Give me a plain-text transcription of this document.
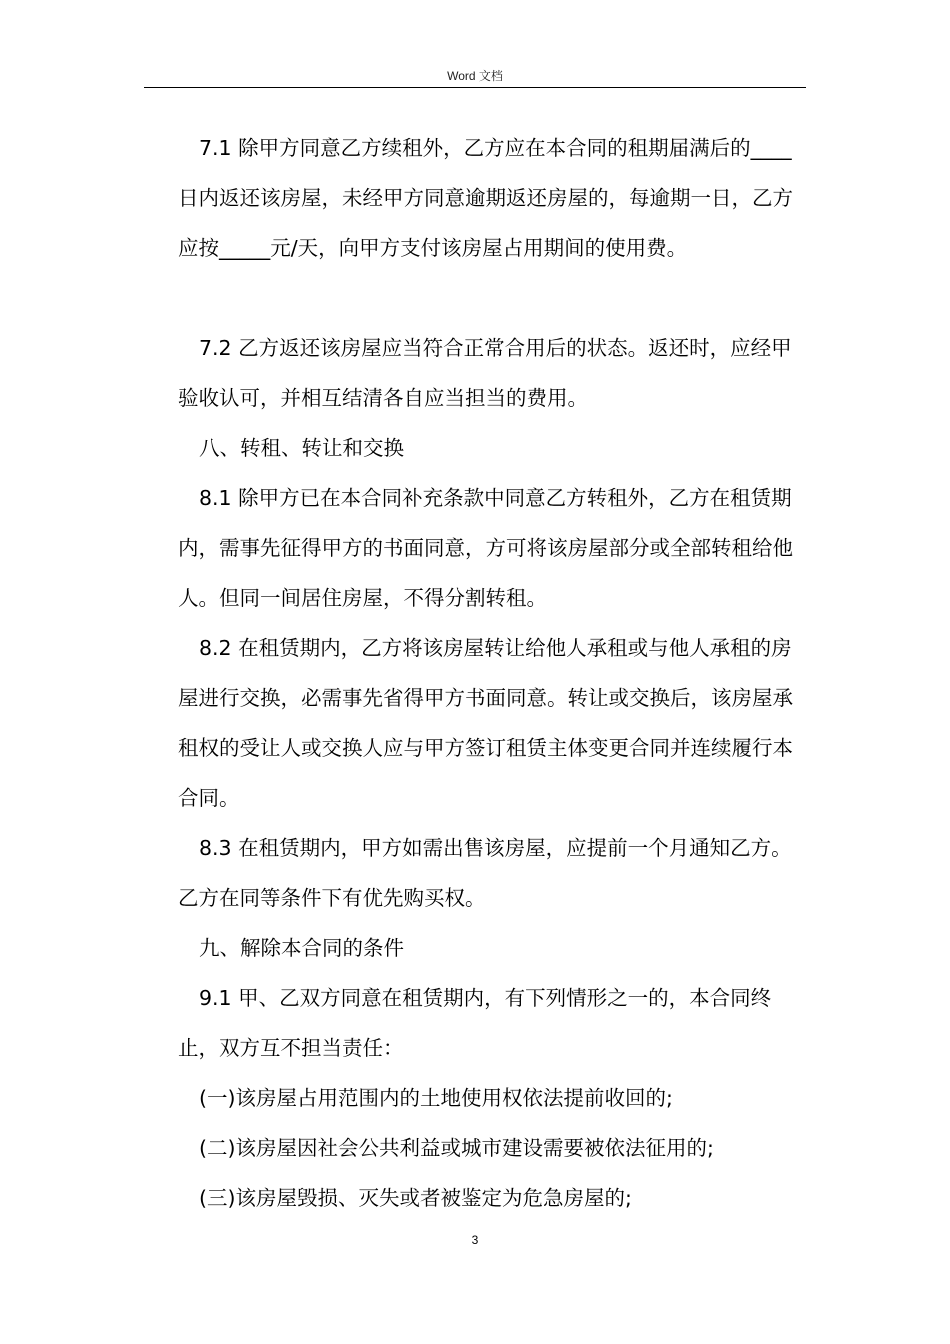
Word 文档

7.1 除甲方同意乙方续租外，乙方应在本合同的租期届满后的____日内返还该房屋，未经甲方同意逾期返还房屋的，每逾期一日，乙方应按_____元/天，向甲方支付该房屋占用期间的使用费。

7.2 乙方返还该房屋应当符合正常合用后的状态。返还时，应经甲验收认可，并相互结清各自应当担当的费用。

八、转租、转让和交换

8.1 除甲方已在本合同补充条款中同意乙方转租外，乙方在租赁期内，需事先征得甲方的书面同意，方可将该房屋部分或全部转租给他人。但同一间居住房屋，不得分割转租。

8.2 在租赁期内，乙方将该房屋转让给他人承租或与他人承租的房屋进行交换，必需事先省得甲方书面同意。转让或交换后，该房屋承租权的受让人或交换人应与甲方签订租赁主体变更合同并连续履行本合同。

8.3 在租赁期内，甲方如需出售该房屋，应提前一个月通知乙方。乙方在同等条件下有优先购买权。

九、解除本合同的条件

9.1 甲、乙双方同意在租赁期内，有下列情形之一的，本合同终止，双方互不担当责任：

(一)该房屋占用范围内的土地使用权依法提前收回的;

(二)该房屋因社会公共利益或城市建设需要被依法征用的;

(三)该房屋毁损、灭失或者被鉴定为危急房屋的;

3
